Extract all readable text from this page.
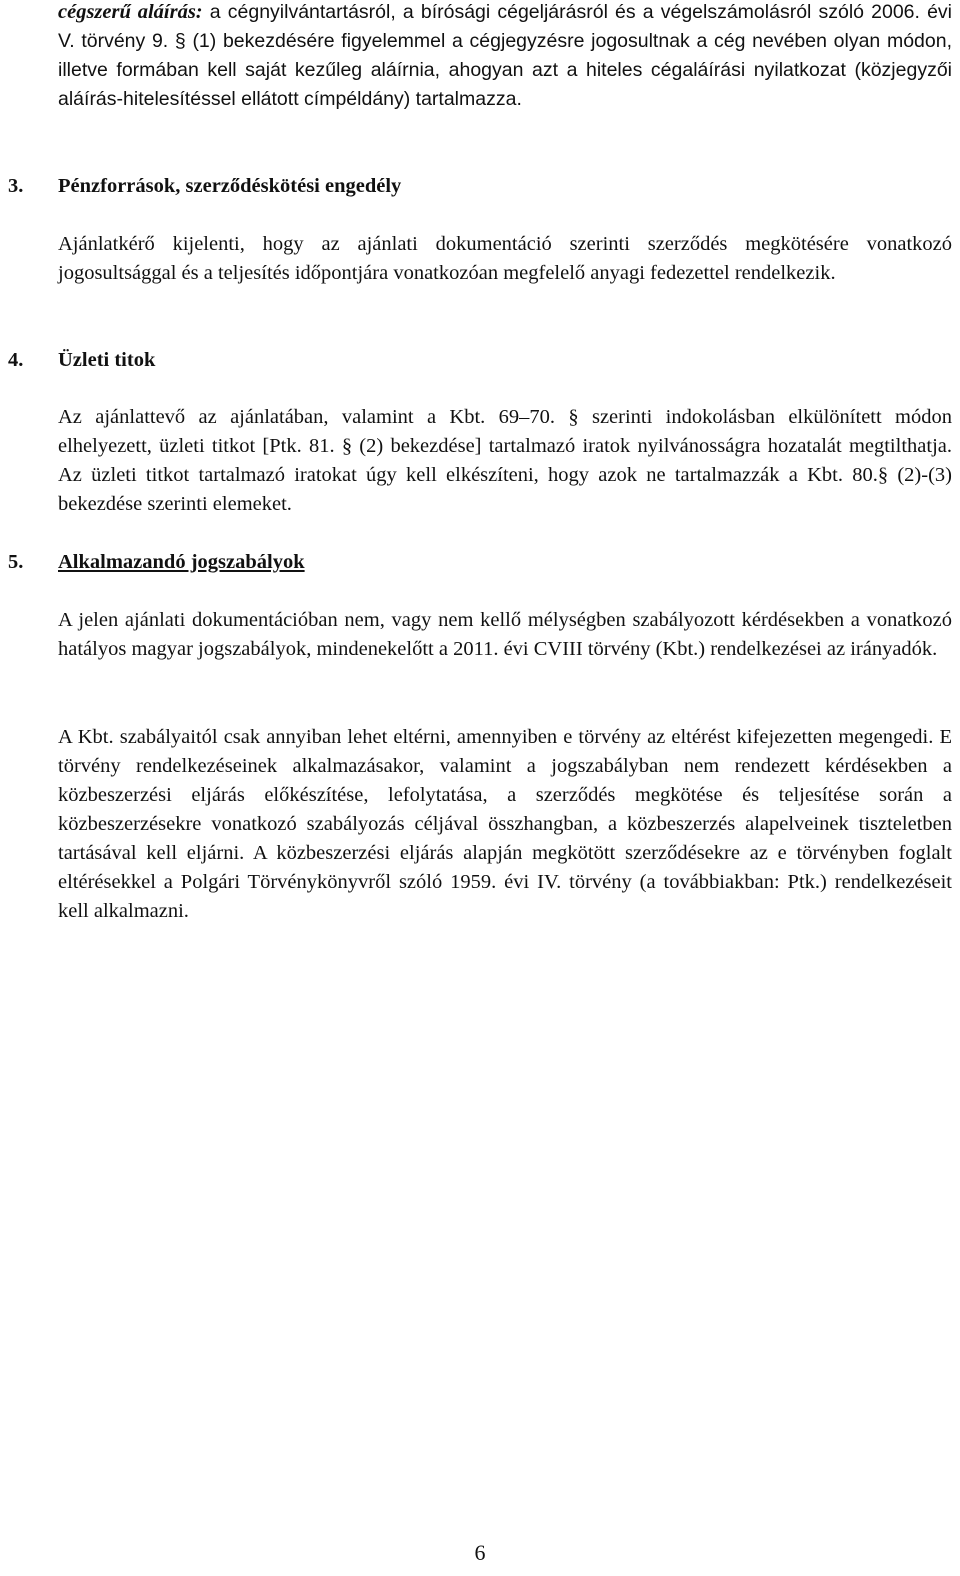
cégszerű aláírás: a cégnyilvántartásról, a bírósági cégeljárásról és a végelszámolásról szóló 2006. évi V. törvény 9. § (1) bekezdésére figyelemmel a cégjegyzésre jogosultnak a cég nevében olyan módon, illetve formában kell saját kezűleg aláírnia, ahogyan azt a hiteles cégaláírási nyilatkozat (közjegyzői aláírás-hitelesítéssel ellátott címpéldány) tartalmazza.

3. Pénzforrások, szerződéskötési engedély

Ajánlatkérő kijelenti, hogy az ajánlati dokumentáció szerinti szerződés megkötésére vonatkozó jogosultsággal és a teljesítés időpontjára vonatkozóan megfelelő anyagi fedezettel rendelkezik.

4. Üzleti titok

Az ajánlattevő az ajánlatában, valamint a Kbt. 69–70. § szerinti indokolásban elkülönített módon elhelyezett, üzleti titkot [Ptk. 81. § (2) bekezdése] tartalmazó iratok nyilvánosságra hozatalát megtilthatja. Az üzleti titkot tartalmazó iratokat úgy kell elkészíteni, hogy azok ne tartalmazzák a Kbt. 80.§ (2)-(3) bekezdése szerinti elemeket.

5. Alkalmazandó jogszabályok

A jelen ajánlati dokumentációban nem, vagy nem kellő mélységben szabályozott kérdésekben a vonatkozó hatályos magyar jogszabályok, mindenekelőtt a 2011. évi CVIII törvény (Kbt.) rendelkezései az irányadók.

A Kbt. szabályaitól csak annyiban lehet eltérni, amennyiben e törvény az eltérést kifejezetten megengedi. E törvény rendelkezéseinek alkalmazásakor, valamint a jogszabályban nem rendezett kérdésekben a közbeszerzési eljárás előkészítése, lefolytatása, a szerződés megkötése és teljesítése során a közbeszerzésekre vonatkozó szabályozás céljával összhangban, a közbeszerzés alapelveinek tiszteletben tartásával kell eljárni. A közbeszerzési eljárás alapján megkötött szerződésekre az e törvényben foglalt eltérésekkel a Polgári Törvénykönyvről szóló 1959. évi IV. törvény (a továbbiakban: Ptk.) rendelkezéseit kell alkalmazni.

6
